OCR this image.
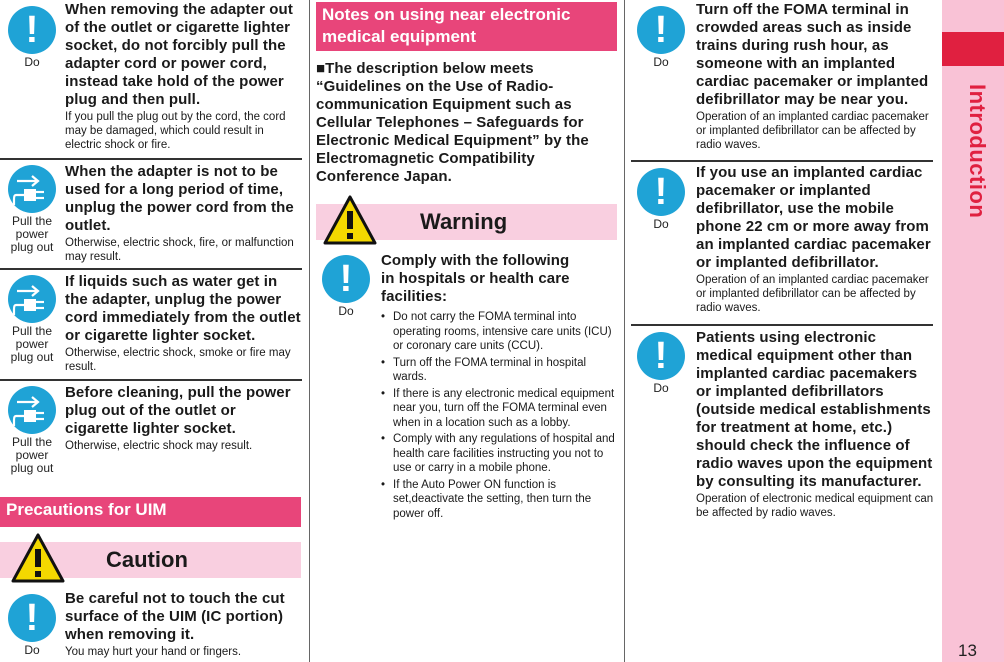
!
Do
When removing the adapter out of the outlet or cigarette lighter socket, do not forcibly pull the adapter cord or power cord, instead take hold of the power plug and then pull.
If you pull the plug out by the cord, the cord may be damaged, which could result in electric shock or fire.
Pull the power plug out
When the adapter is not to be used for a long period of time, unplug the power cord from the outlet.
Otherwise, electric shock, fire, or malfunction may result.
Pull the power plug out
If liquids such as water get in the adapter, unplug the power cord immediately from the outlet or cigarette lighter socket.
Otherwise, electric shock, smoke or fire may result.
Pull the power plug out
Before cleaning, pull the power plug out of the outlet or cigarette lighter socket.
Otherwise, electric shock may result.
Precautions for UIM
Caution
!
Do
Be careful not to touch the cut surface of the UIM (IC portion) when removing it.
You may hurt your hand or fingers.
Notes on using near electronic medical equipment
■The description below meets “Guidelines on the Use of Radio-communication Equipment such as Cellular Telephones – Safeguards for Electronic Medical Equipment” by the Electromagnetic Compatibility Conference Japan.
Warning
!
Do
Comply with the following in hospitals or health care facilities:
• Do not carry the FOMA terminal into operating rooms, intensive care units (ICU) or coronary care units (CCU).
• Turn off the FOMA terminal in hospital wards.
• If there is any electronic medical equipment near you, turn off the FOMA terminal even when in a location such as a lobby.
• Comply with any regulations of hospital and health care facilities instructing you not to use or carry in a mobile phone.
• If the Auto Power ON function is set,deactivate the setting, then turn the power off.
!
Do
Turn off the FOMA terminal in crowded areas such as inside trains during rush hour, as someone with an implanted cardiac pacemaker or implanted defibrillator may be near you.
Operation of an implanted cardiac pacemaker or implanted defibrillator can be affected by radio waves.
!
Do
If you use an implanted cardiac pacemaker or implanted defibrillator, use the mobile phone 22 cm or more away from an implanted cardiac pacemaker or implanted defibrillator.
Operation of an implanted cardiac pacemaker or implanted defibrillator can be affected by radio waves.
!
Do
Patients using electronic medical equipment other than implanted cardiac pacemakers or implanted defibrillators (outside medical establishments for treatment at home, etc.) should check the influence of radio waves upon the equipment by consulting its manufacturer.
Operation of electronic medical equipment can be affected by radio waves.
Introduction
13
